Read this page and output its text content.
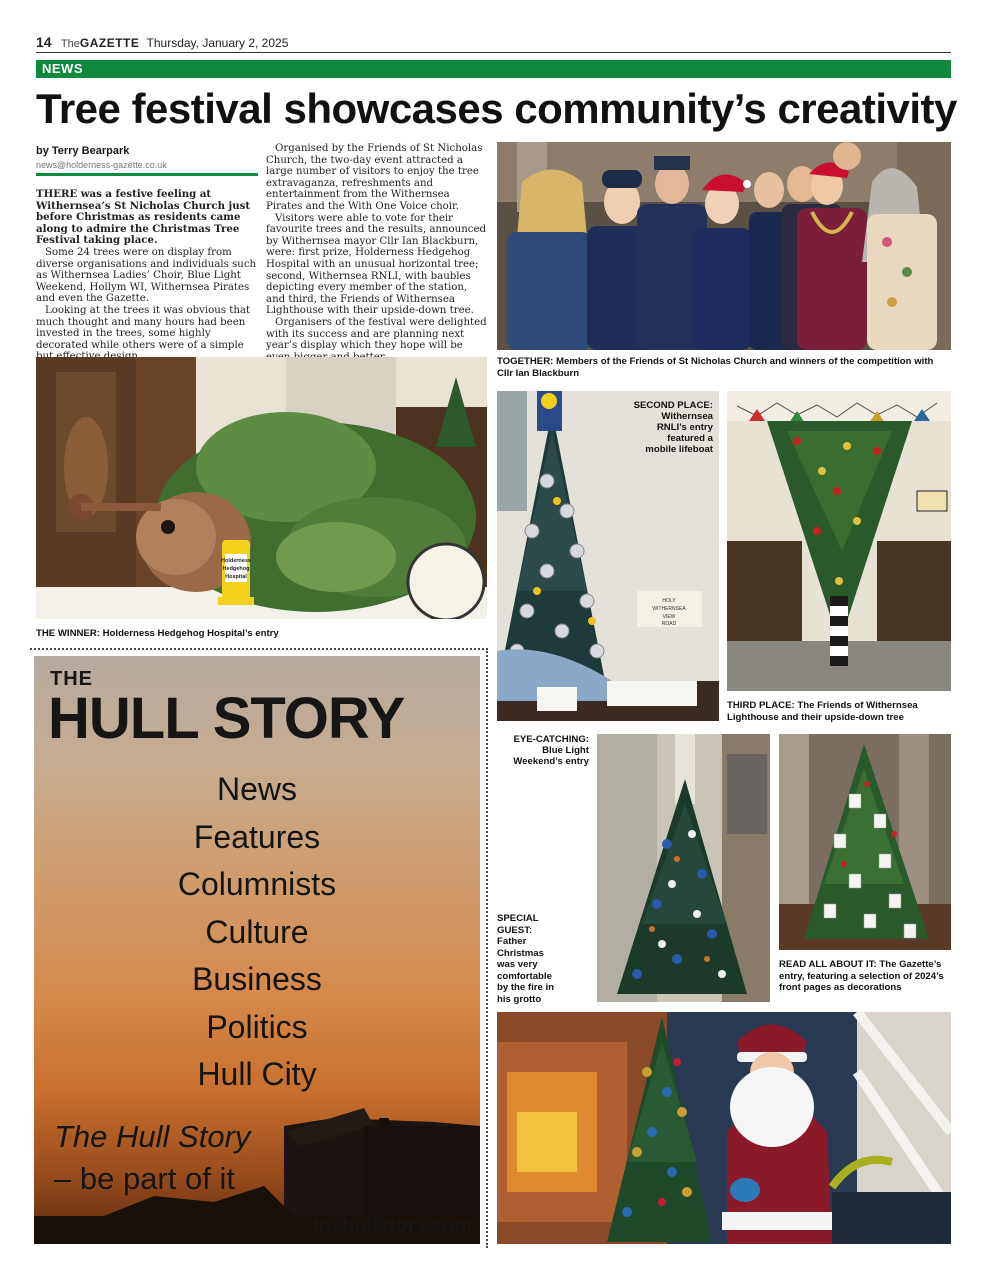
14 TheGAZETTE Thursday, January 2, 2025
NEWS
Tree festival showcases community’s creativity
by Terry Bearpark
news@holderness-gazette.co.uk

THERE was a festive feeling at Withernsea’s St Nicholas Church just before Christmas as residents came along to admire the Christmas Tree Festival taking place.

Some 24 trees were on display from diverse organisations and individuals such as Withernsea Ladies’ Choir, Blue Light Weekend, Hollym WI, Withernsea Pirates and even the Gazette.

Looking at the trees it was obvious that much thought and many hours had been invested in the trees, some highly decorated while others were of a simple

Organised by the Friends of St Nicholas Church, the two-day event attracted a large number of visitors to enjoy the tree extravaganza, refreshments and entertainment from the Withernsea Pirates and the With One Voice choir.

Visitors were able to vote for their favourite trees and the results, announced by Withernsea mayor Cllr Ian Blackburn, were: first prize, Holderness Hedgehog Hospital with an unusual horizontal tree; second, Withernsea RNLI, with baubles depicting every member of the station, and third, the Friends of Withernsea Lighthouse with their upside-down tree.

Organisers of the festival were delighted with its success and are planning next year’s display which they hope will be

TOGETHER: Members of the Friends of St Nicholas Church and winners of the competition with Cllr Ian Blackburn
Holderness
Hedgehog
Hospital
THE WINNER: Holderness Hedgehog Hospital’s entry
HOLY
WITHERNSEA
VIEW
ROAD
SECOND PLACE:
Withernsea
RNLI’s entry
featured a
mobile lifeboat
THIRD PLACE: The Friends of Withernsea Lighthouse and their upside-down tree
EYE-CATCHING:
Blue Light
Weekend’s entry
SPECIAL
GUEST:
Father
Christmas
was very
comfortable
by the fire in
his grotto
READ ALL ABOUT IT: The Gazette’s entry, featuring a selection of 2024’s front pages as decorations
THE
HULL STORY
News
Features
Columnists
Culture
Business
Politics
Hull City
The Hull Story
– be part of it
thehullstory.com
